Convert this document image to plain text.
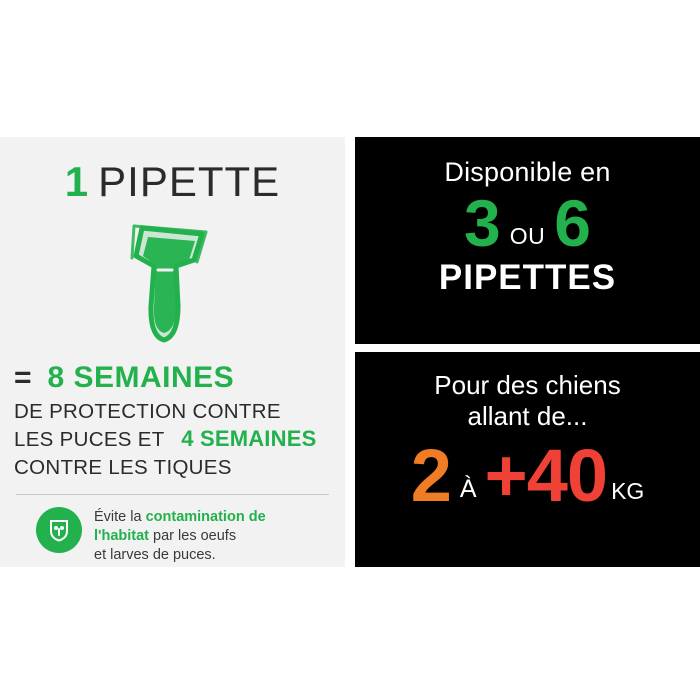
1 PIPETTE
= 8 SEMAINES
DE PROTECTION CONTRE
LES PUCES ET 4 SEMAINES
CONTRE LES TIQUES
Évite la contamination de
l'habitat par les oeufs
et larves de puces.
Disponible en
3 OU 6
PIPETTES
Pour des chiens
allant de...
2 À +40 KG
